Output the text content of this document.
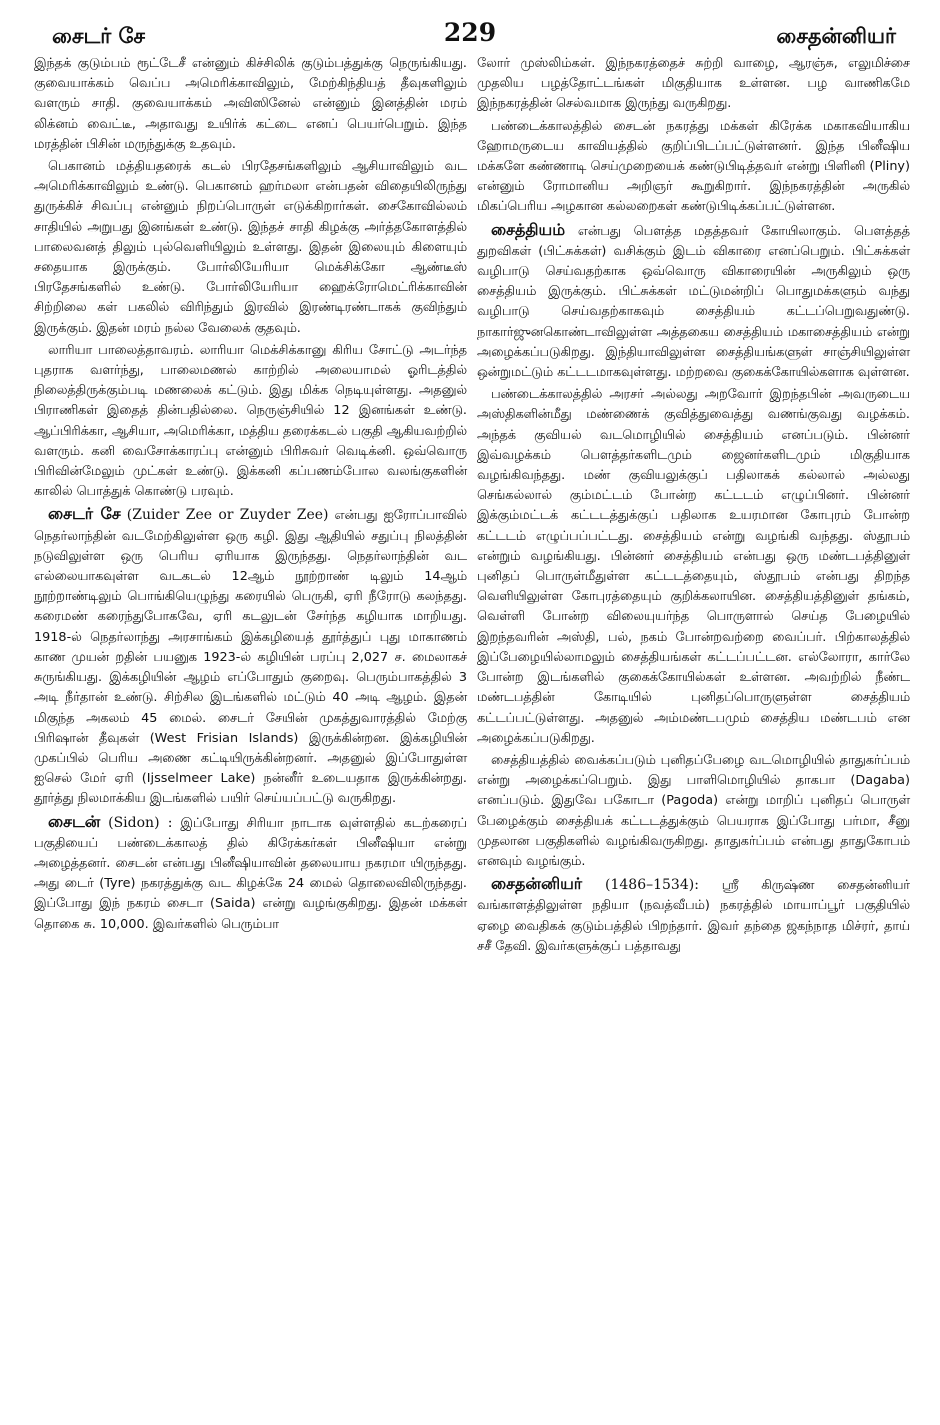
சைடர் சே	229	சைதன்னியர்

இந்தக் குடும்பம் ரூட்டேசீ என்னும் கிச்சிலிக் குடும்பத்துக்கு நெருங்கியது. குவையாக்கம் வெப்ப அமெரிக்காவிலும், மேற்கிந்தியத் தீவுகளிலும் வளரும் சாதி. குவையாக்கம் அவிஸினேல் என்னும் இனத்தின் மரம் லிக்னம் வைட்டீ, அதாவது உயிர்க் கட்டை எனப் பெயர்பெறும். இந்த மரத்தின் பிசின் மருந்துக்கு உதவும்.

பெகானம் மத்தியதரைக் கடல் பிரதேசங்களிலும் ஆசியாவிலும் வட அமெரிக்காவிலும் உண்டு. பெகானம் ஹர்மலா என்பதன் விதையிலிருந்து துருக்கிச் சிவப்பு என்னும் நிறப்பொருள் எடுக்கிறார்கள். சைகோவில்லம் சாதியில் அறுபது இனங்கள் உண்டு. இந்தச் சாதி கிழக்கு அர்த்தகோளத்தில் பாலைவனத் திலும் புல்வெளியிலும் உள்ளது. இதன் இலையும் கிளையும் சதையாக இருக்கும். போர்லியேரியா மெக்சிக்கோ ஆண்டீஸ் பிரதேசங்களில் உண்டு. போர்லியேரியா ஹைக்ரோமெட்ரிக்காவின் சிற்றிலை கள் பகலில் விரிந்தும் இரவில் இரண்டிரண்டாகக் குவிந்தும் இருக்கும். இதன் மரம் நல்ல வேலைக் குதவும்.

லாரியா பாலைத்தாவரம். லாரியா மெக்சிக்கானு கிரிய சோட்டு அடர்ந்த புதராக வளர்ந்து, பாலைமணல் காற்றில் அலையாமல் ஓரிடத்தில் நிலைத்திருக்கும்படி மணலைக் கட்டும். இது மிக்க நெடியுள்ளது. அதனுல் பிராணிகள் இதைத் தின்பதில்லை. நெருஞ்சியில் 12 இனங்கள் உண்டு. ஆப்பிரிக்கா, ஆசியா, அமெரிக்கா, மத்திய தரைக்கடல் பகுதி ஆகியவற்றில் வளரும். கனி வைசோக்காரப்பு என்னும் பிரிசுவர் வெடிக்னி. ஒவ்வொரு பிரிவின்மேலும் முட்கள் உண்டு. இக்கனி கப்பணம்போல வலங்குகளின் காலில் பொத்துக் கொண்டு பரவும்.

சைடர் சே (Zuider Zee or Zuyder Zee) என்பது ஐரோப்பாவில் நெதர்லாந்தின் வடமேற்கிலுள்ள ஒரு கழி. இது ஆதியில் சதுப்பு நிலத்தின் நடுவிலுள்ள ஒரு பெரிய ஏரியாக இருந்தது. நெதர்லாந்தின் வட எல்லையாகவுள்ள வடகடல் 12ஆம் நூற்றாண் டிலும் 14ஆம் நூற்றாண்டிலும் பொங்கியெழுந்து கரையில் பெருகி, ஏரி நீரோடு கலந்தது. கரைமண் கரைந்துபோகவே, ஏரி கடலுடன் சேர்ந்த கழியாக மாறியது. 1918-ல் நெதர்லாந்து அரசாங்கம் இக்கழியைத் தூர்த்துப் புது மாகாணம் காண முயன் றதின் பயனுக 1923-ல் கழியின் பரப்பு 2,027 ச. மைலாகச் சுருங்கியது. இக்கழியின் ஆழம் எப்போதும் குறைவு. பெரும்பாகத்தில் 3 அடி நீர்தான் உண்டு. சிற்சில இடங்களில் மட்டும் 40 அடி ஆழம். இதன் மிகுந்த அகலம் 45 மைல். சைடர் சேயின் முகத்துவாரத்தில் மேற்கு பிரிஷான் தீவுகள் (West Frisian Islands) இருக்கின்றன. இக்கழியின் முகப்பில் பெரிய அணை கட்டியிருக்கின்றனர். அதனுல் இப்போதுள்ள ஐசெல் மேர் ஏரி (Ijsselmeer Lake) நன்னீர் உடையதாக இருக்கின்றது. தூர்த்து நிலமாக்கிய இடங்களில் பயிர் செய்யப்பட்டு வருகிறது.

சைடன் (Sidon) : இப்போது சிரியா நாடாக வுள்ளதில் கடற்கரைப் பகுதியைப் பண்டைக்காலத் தில் கிரேக்கர்கள் பினீஷியா என்று அழைத்தனர். சைடன் என்பது பினீஷியாவின் தலையாய நகரமா யிருந்தது. அது டைர் (Tyre) நகரத்துக்கு வட கிழக்கே 24 மைல் தொலைவிலிருந்தது. இப்போது இந் நகரம் சைடா (Saida) என்று வழங்குகிறது. இதன் மக்கள் தொகை சு. 10,000. இவர்களில் பெரும்பா

லோர் முஸ்லிம்கள். இந்நகரத்தைச் சுற்றி வாழை, ஆரஞ்சு, எலுமிச்சை முதலிய பழத்தோட்டங்கள் மிகுதியாக உள்ளன. பழ வாணிகமே இந்நகரத்தின் செல்வமாக இருந்து வருகிறது.

பண்டைக்காலத்தில் சைடன் நகரத்து மக்கள் கிரேக்க மகாகவியாகிய ஹோமருடைய காவியத்தில் குறிப்பிடப்பட்டுள்ளனர். இந்த பினீஷிய மக்களே கண்ணாடி செய்முறையைக் கண்டுபிடித்தவர் என்று பிளினி (Pliny) என்னும் ரோமானிய அறிஞர் கூறுகிறார். இந்நகரத்தின் அருகில் மிகப்பெரிய அழகான கல்லறைகள் கண்டுபிடிக்கப்பட்டுள்ளன.

சைத்தியம் என்பது பௌத்த மதத்தவர் கோயிலாகும். பௌத்தத் துறவிகள் (பிட்சுக்கள்) வசிக்கும் இடம் விகாரை எனப்பெறும். பிட்சுக்கள் வழிபாடு செய்வதற்காக ஒவ்வொரு விகாரையின் அருகிலும் ஒரு சைத்தியம் இருக்கும். பிட்சுக்கள் மட்டுமன்றிப் பொதுமக்களும் வந்து வழிபாடு செய்வதற்காகவும் சைத்தியம் கட்டப்பெறுவதுண்டு. நாகார்ஜுனகொண்டாவிலுள்ள அத்தகைய சைத்தியம் மகாசைத்தியம் என்று அழைக்கப்படுகிறது. இந்தியாவிலுள்ள சைத்தியங்களுள் சாஞ்சியிலுள்ள ஒன்றுமட்டும் கட்டடமாகவுள்ளது. மற்றவை குகைக்கோயில்களாக வுள்ளன.

பண்டைக்காலத்தில் அரசர் அல்லது அறவோர் இறந்தபின் அவருடைய அஸ்திகளின்மீது மண்ணைக் குவித்துவைத்து வணங்குவது வழக்கம். அந்தக் குவியல் வடமொழியில் சைத்தியம் எனப்படும். பின்னர் இவ்வழக்கம் பௌத்தர்களிடமும் ஜைனர்களிடமும் மிகுதியாக வழங்கிவந்தது. மண் குவியலுக்குப் பதிலாகக் கல்லால் அல்லது செங்கல்லால் கும்மட்டம் போன்ற கட்டடம் எழுப்பினர். பின்னர் இக்கும்மட்டக் கட்டடத்துக்குப் பதிலாக உயரமான கோபுரம் போன்ற கட்டடம் எழுப்பப்பட்டது. சைத்தியம் என்று வழங்கி வந்தது. ஸ்தூபம் என்றும் வழங்கியது. பின்னர் சைத்தியம் என்பது ஒரு மண்டபத்தினுள் புனிதப் பொருள்மீதுள்ள கட்டடத்தையும், ஸ்தூபம் என்பது திறந்த வெளியிலுள்ள கோபுரத்தையும் குறிக்கலாயின. சைத்தியத்தினுள் தங்கம், வெள்ளி போன்ற விலையுயர்ந்த பொருளால் செய்த பேழையில் இறந்தவரின் அஸ்தி, பல், நகம் போன்றவற்றை வைப்பர். பிற்காலத்தில் இப்பேழையில்லாமலும் சைத்தியங்கள் கட்டப்பட்டன. எல்லோரா, கார்லே போன்ற இடங்களில் குகைக்கோயில்கள் உள்ளன. அவற்றில் நீண்ட மண்டபத்தின் கோடியில் புனிதப்பொருளுள்ள சைத்தியம் கட்டப்பட்டுள்ளது. அதனுல் அம்மண்டபமும் சைத்திய மண்டபம் என அழைக்கப்படுகிறது.

சைத்தியத்தில் வைக்கப்படும் புனிதப்பேழை வடமொழியில் தாதுகர்ப்பம் என்று அழைக்கப்பெறும். இது பாளிமொழியில் தாகபா (Dagaba) எனப்படும். இதுவே பகோடா (Pagoda) என்று மாறிப் புனிதப் பொருள் பேழைக்கும் சைத்தியக் கட்டடத்துக்கும் பெயராக இப்போது பர்மா, சீனு முதலான பகுதிகளில் வழங்கிவருகிறது. தாதுகர்ப்பம் என்பது தாதுகோபம் எனவும் வழங்கும்.

சைதன்னியர் (1486–1534): ஸ்ரீ கிருஷ்ண சைதன்னியர் வங்காளத்திலுள்ள நதியா (நவத்வீபம்) நகரத்தில் மாயாப்பூர் பகுதியில் ஏழை வைதிகக் குடும்பத்தில் பிறந்தார். இவர் தந்தை ஜகந்நாத மிச்ரர், தாய் சசீ தேவி. இவர்களுக்குப் பத்தாவது
